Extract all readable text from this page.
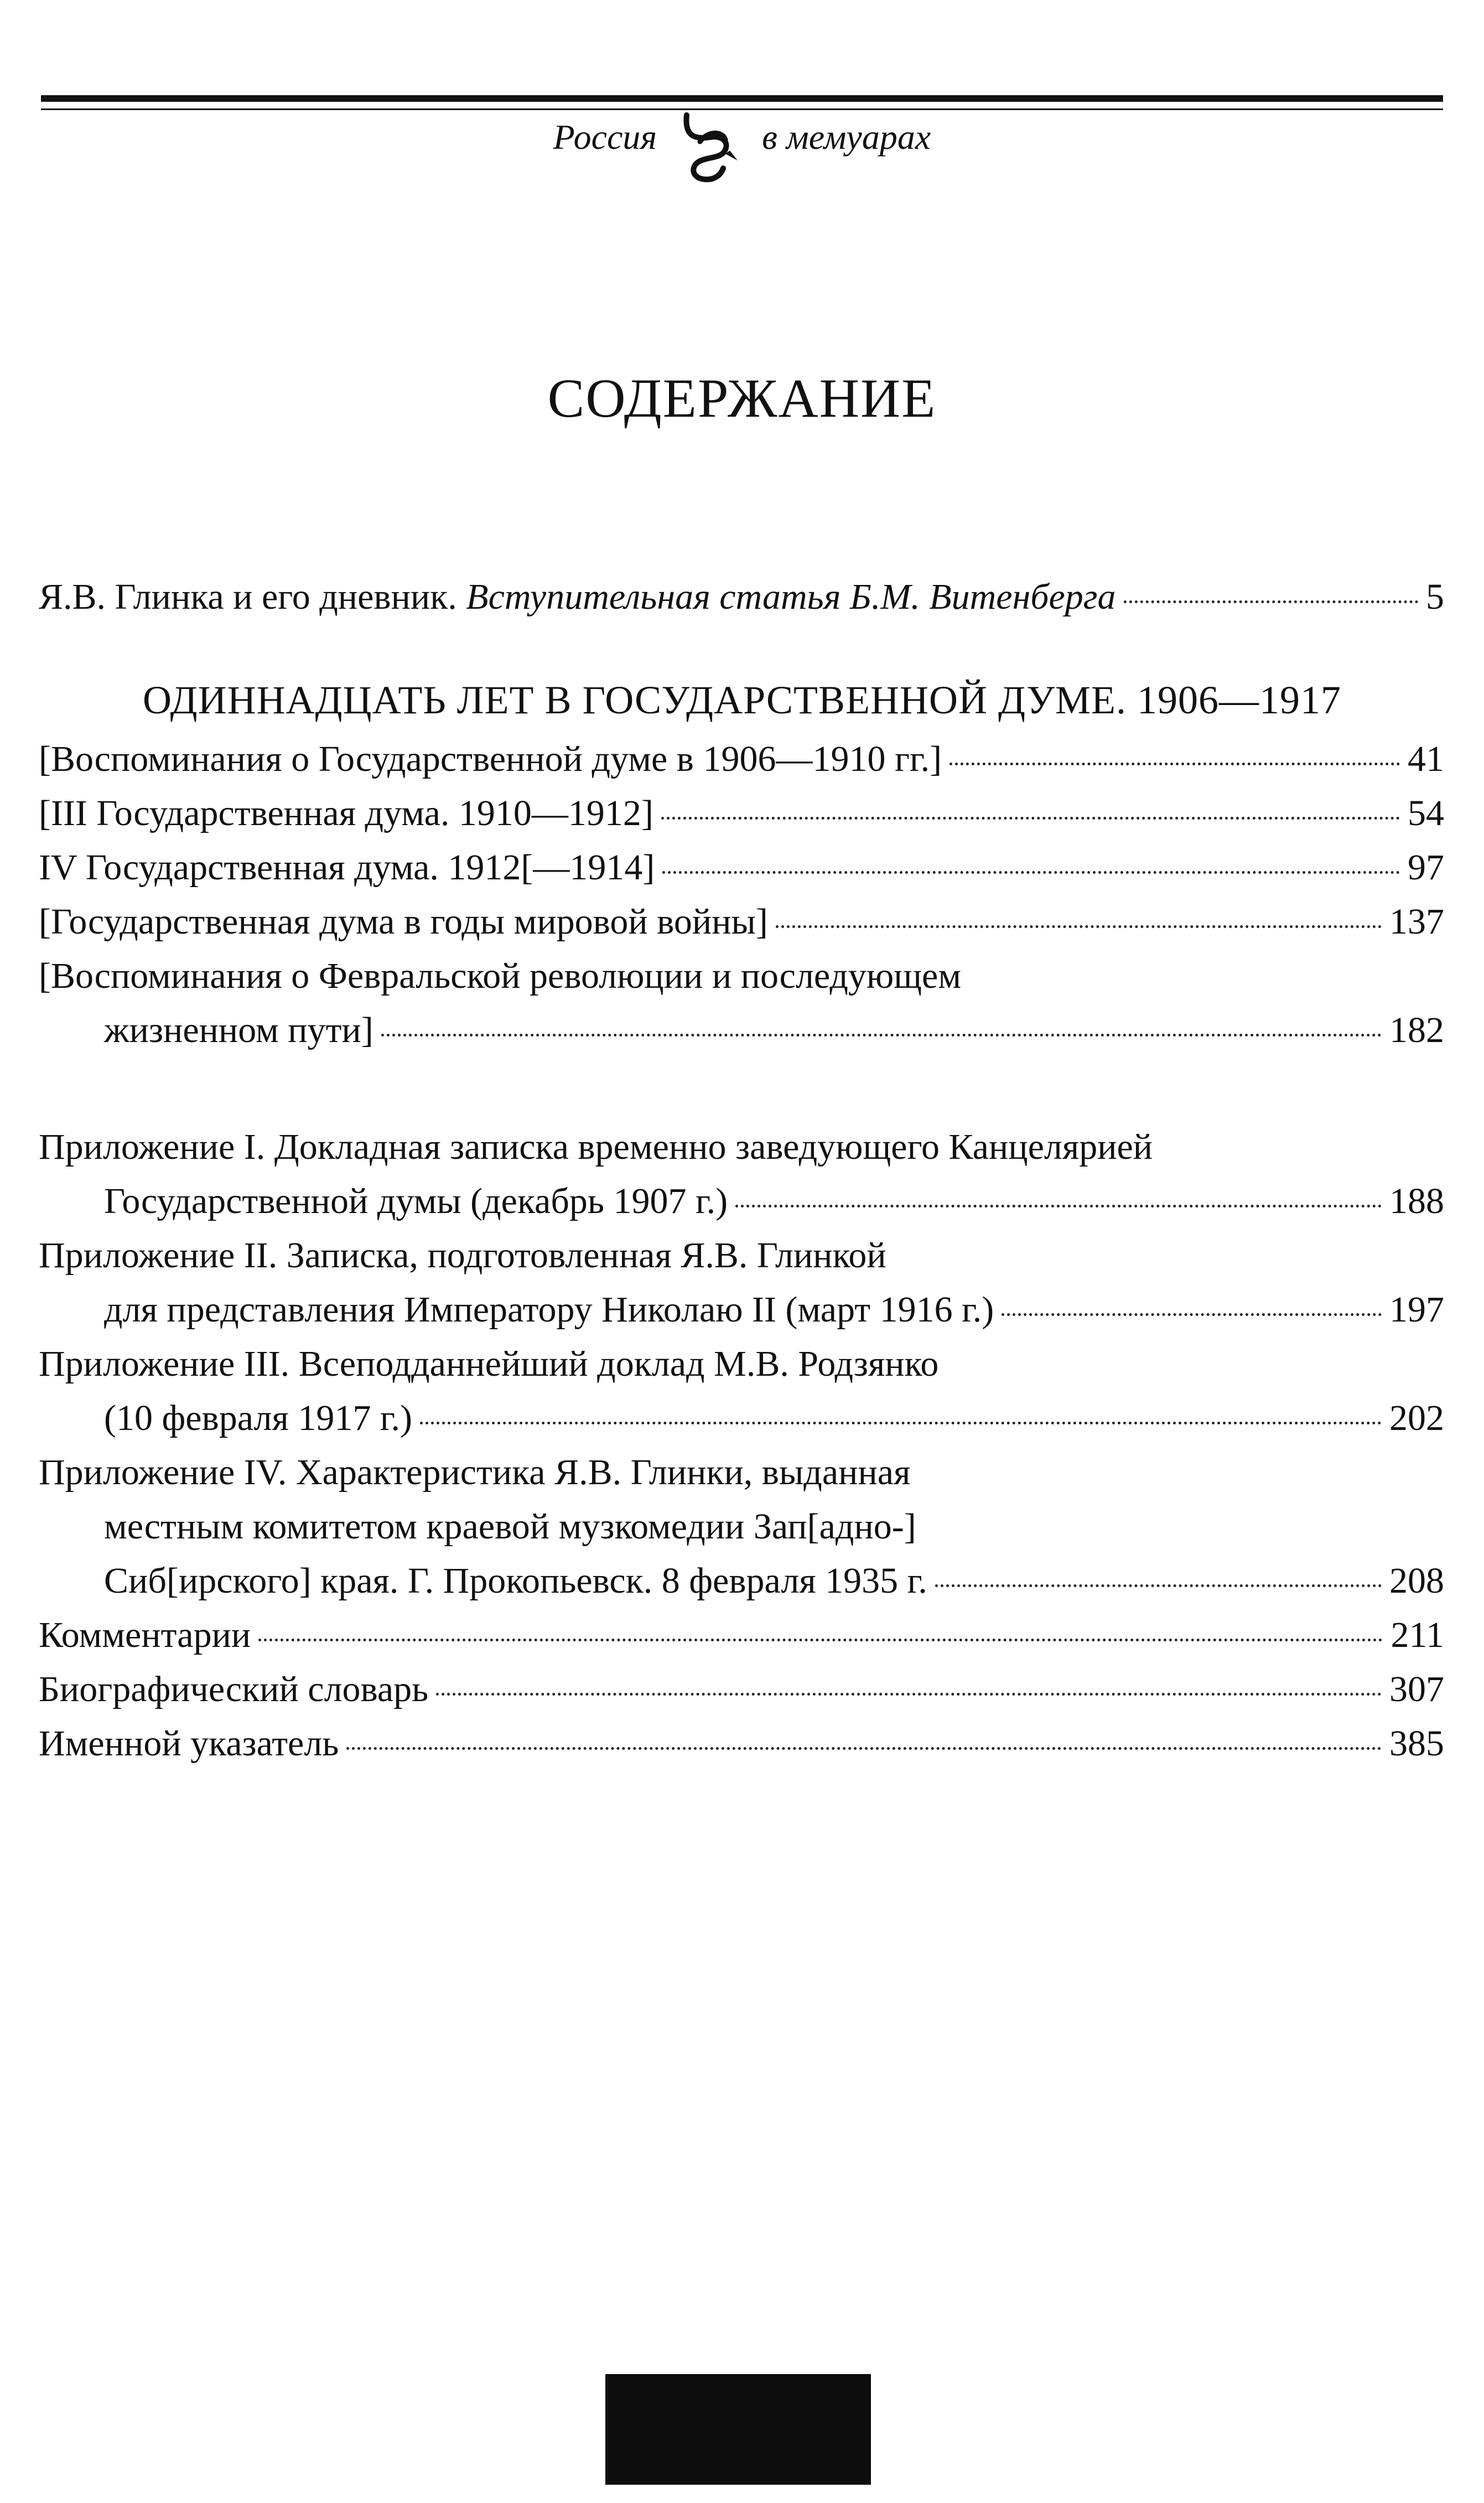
Россия	в мемуарах
СОДЕРЖАНИЕ
Я.В. Глинка и его дневник. Вступительная статья Б.М. Витенберга	5
ОДИННАДЦАТЬ ЛЕТ В ГОСУДАРСТВЕННОЙ ДУМЕ. 1906—1917
[Воспоминания о Государственной думе в 1906—1910 гг.]	41
[III Государственная дума. 1910—1912]	54
IV Государственная дума. 1912[—1914]	97
[Государственная дума в годы мировой войны]	137
[Воспоминания о Февральской революции и последующем
жизненном пути]	182
Приложение I. Докладная записка временно заведующего Канцелярией
Государственной думы (декабрь 1907 г.)	188
Приложение II. Записка, подготовленная Я.В. Глинкой
для представления Императору Николаю II (март 1916 г.)	197
Приложение III. Всеподданнейший доклад М.В. Родзянко
(10 февраля 1917 г.)	202
Приложение IV. Характеристика Я.В. Глинки, выданная
местным комитетом краевой музкомедии Зап[адно-]
Сиб[ирского] края. Г. Прокопьевск. 8 февраля 1935 г.	208
Комментарии	211
Биографический словарь	307
Именной указатель	385
